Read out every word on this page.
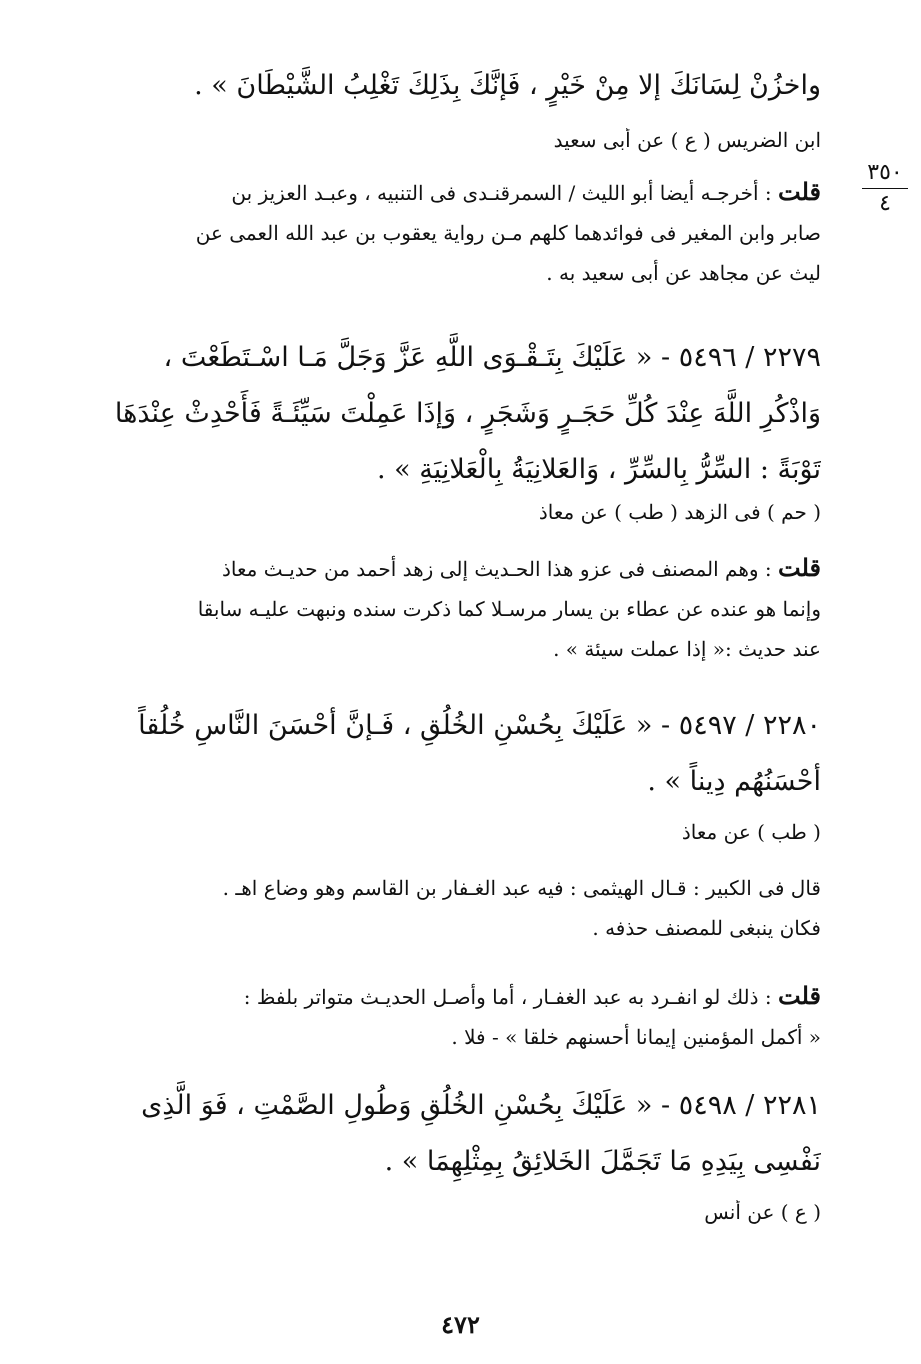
٣٥٠
٤
واخزُنْ لِسَانَكَ إلا مِنْ خَيْرٍ ، فَإنَّكَ بِذَلِكَ تَغْلِبُ الشَّيْطَانَ » .
ابن الضريس ( ع ) عن أبى سعيد
قلت : أخرجـه أيضا أبو الليث / السمرقنـدى فى التنبيه ، وعبـد العزيز بن
صابر وابن المغير فى فوائدهما كلهم مـن رواية يعقوب بن عبد الله العمى عن
ليث عن مجاهد عن أبى سعيد به .
٢٢٧٩ / ٥٤٩٦ - « عَلَيْكَ بِتَـقْـوَى اللَّهِ عَزَّ وَجَلَّ مَـا اسْـتَطَعْتَ ،
وَاذْكُرِ اللَّهَ عِنْدَ كُلِّ حَجَـرٍ وَشَجَرٍ ، وَإذَا عَمِلْتَ سَيِّئَـةً فَأَحْدِثْ عِنْدَهَا
تَوْبَةً : السِّرُّ بِالسِّرِّ ، وَالعَلانِيَةُ بِالْعَلانِيَةِ » .
( حم ) فى الزهد ( طب ) عن معاذ
قلت : وهم المصنف فى عزو هذا الحـديث إلى زهد أحمد من حديـث معاذ
وإنما هو عنده عن عطاء بن يسار مرسـلا كما ذكرت سنده ونبهت عليـه سابقا
عند حديث :« إذا عملت سيئة » .
٢٢٨٠ / ٥٤٩٧ - « عَلَيْكَ بِحُسْنِ الخُلُقِ ، فَـإنَّ أحْسَنَ النَّاسِ خُلُقاً
أحْسَنُهُم دِيناً » .
( طب ) عن معاذ
قال فى الكبير : قـال الهيثمى : فيه عبد الغـفار بن القاسم وهو وضاع اهـ .
فكان ينبغى للمصنف حذفه .
قلت : ذلك لو انفـرد به عبد الغفـار ، أما وأصـل الحديـث متواتر بلفظ :
« أكمل المؤمنين إيمانا أحسنهم خلقا » - فلا .
٢٢٨١ / ٥٤٩٨ - « عَلَيْكَ بِحُسْنِ الخُلُقِ وَطُولِ الصَّمْتِ ، فَوَ الَّذِى
نَفْسِى بِيَدِهِ مَا تَجَمَّلَ الخَلائِقُ بِمِثْلِهِمَا » .
( ع ) عن أنس
٤٧٢
